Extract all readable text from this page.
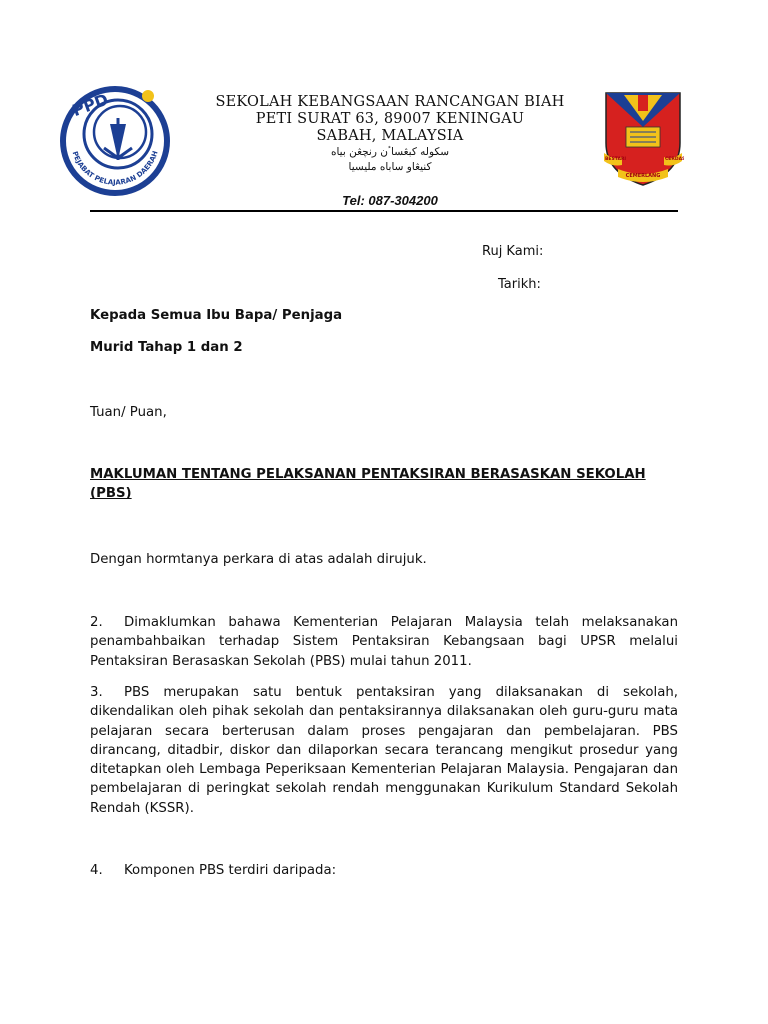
PPD
PEJABAT PELAJARAN DAERAH
SEKOLAH KEBANGSAAN RANCANGAN BIAH
PETI SURAT 63, 89007 KENINGAU
SABAH, MALAYSIA
سكوله كبڠساٴن رنچڠن بياه
كنيڠاو ساباه مليسيا
Tel: 087-304200
BESTARI	CERDAS
CEMERLANG
Ruj Kami:
Tarikh:
Kepada Semua Ibu Bapa/ Penjaga
Murid Tahap 1 dan 2
Tuan/ Puan,
MAKLUMAN TENTANG PELAKSANAN PENTAKSIRAN BERASASKAN SEKOLAH (PBS)
Dengan hormtanya perkara di atas adalah dirujuk.
2. Dimaklumkan bahawa Kementerian Pelajaran Malaysia telah melaksanakan penambahbaikan terhadap Sistem Pentaksiran Kebangsaan bagi UPSR melalui Pentaksiran Berasaskan Sekolah (PBS) mulai tahun 2011.
3. PBS merupakan satu bentuk pentaksiran yang dilaksanakan di sekolah, dikendalikan oleh pihak sekolah dan pentaksirannya dilaksanakan oleh guru-guru mata pelajaran secara berterusan dalam proses pengajaran dan pembelajaran. PBS dirancang, ditadbir, diskor dan dilaporkan secara terancang mengikut prosedur yang ditetapkan oleh Lembaga Peperiksaan Kementerian Pelajaran Malaysia. Pengajaran dan pembelajaran di peringkat sekolah rendah menggunakan Kurikulum Standard Sekolah Rendah (KSSR).
4. Komponen PBS terdiri daripada:
